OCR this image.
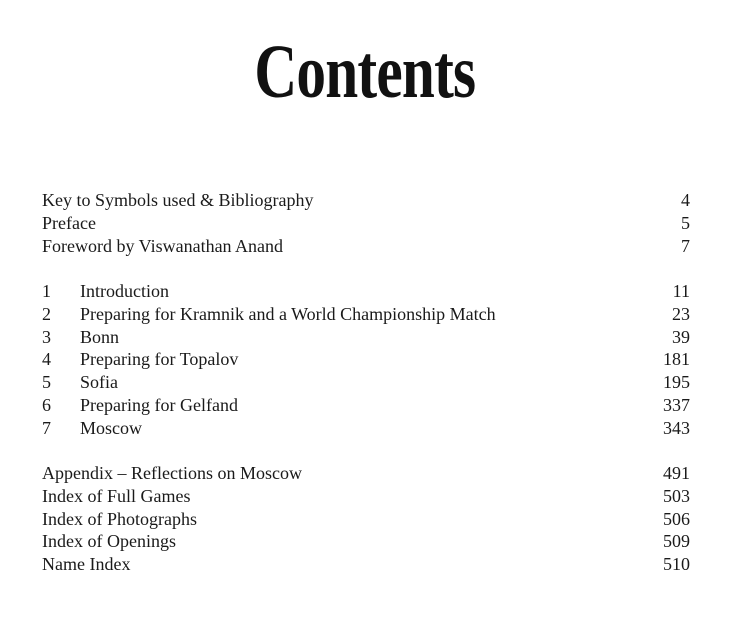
Contents
Key to Symbols used & Bibliography	4
Preface	5
Foreword by Viswanathan Anand	7
1 Introduction	11
2 Preparing for Kramnik and a World Championship Match	23
3 Bonn	39
4 Preparing for Topalov	181
5 Sofia	195
6 Preparing for Gelfand	337
7 Moscow	343
Appendix – Reflections on Moscow	491
Index of Full Games	503
Index of Photographs	506
Index of Openings	509
Name Index	510
